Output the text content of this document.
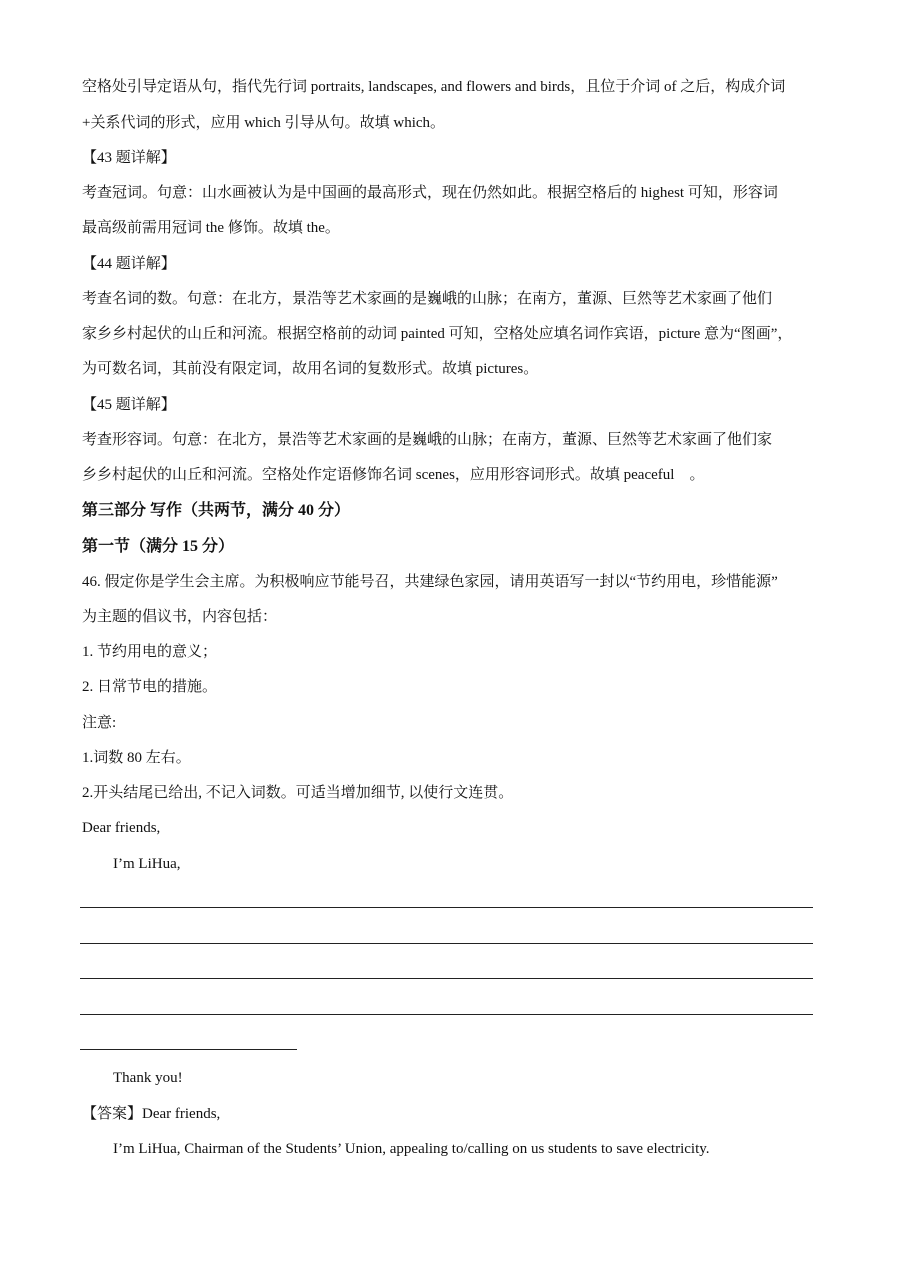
空格处引导定语从句，指代先行词 portraits, landscapes, and flowers and birds，且位于介词 of 之后，构成介词
+关系代词的形式，应用 which 引导从句。故填 which。
【43 题详解】
考查冠词。句意：山水画被认为是中国画的最高形式，现在仍然如此。根据空格后的 highest 可知，形容词
最高级前需用冠词 the 修饰。故填 the。
【44 题详解】
考查名词的数。句意：在北方，景浩等艺术家画的是巍峨的山脉；在南方，董源、巨然等艺术家画了他们
家乡乡村起伏的山丘和河流。根据空格前的动词 painted 可知，空格处应填名词作宾语，picture 意为“图画”，
为可数名词，其前没有限定词，故用名词的复数形式。故填 pictures。
【45 题详解】
考查形容词。句意：在北方，景浩等艺术家画的是巍峨的山脉；在南方，董源、巨然等艺术家画了他们家
乡乡村起伏的山丘和河流。空格处作定语修饰名词 scenes，应用形容词形式。故填 peaceful　。
第三部分 写作（共两节，满分 40 分）
第一节（满分 15 分）
46. 假定你是学生会主席。为积极响应节能号召，共建绿色家园，请用英语写一封以“节约用电，珍惜能源”
为主题的倡议书，内容包括：
1. 节约用电的意义；
2. 日常节电的措施。
注意:
1.词数 80 左右。
2.开头结尾已给出, 不记入词数。可适当增加细节, 以使行文连贯。
Dear friends,
I’m LiHua,
Thank you!
【答案】Dear friends,
I’m LiHua, Chairman of the Students’ Union, appealing to/calling on us students to save electricity.
